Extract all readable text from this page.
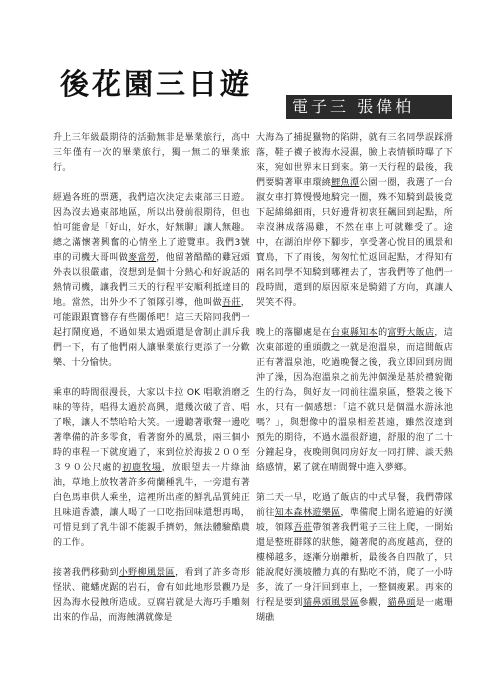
後花園三日遊
電子三 張偉柏

升上三年級最期待的活動無非是畢業旅行，高中三年僅有一次的畢業旅行，獨一無二的畢業旅行。

經過各班的票選，我們這次決定去東部三日遊。因為沒去過東部地區，所以出發前很期待，但也怕可能會是「好山，好水，好無聊」讓人無趣。總之滿懷著興奮的心情坐上了遊覽車。我們3號車的司機大哥叫做麥當勞，他留著酷酷的雞冠頭外表以很嚴肅，沒想到是個十分熱心和好說話的熱情司機，讓我們三天的行程平安順利抵達目的地。當然，出外少不了領隊引導，他叫做吾莊，可能跟跟寶簪存有些關係吧！這三天陪同我們一起打鬧度過，不過如果太過頭還是會制止訓斥我們一下，有了他們兩人讓畢業旅行更添了一分歡樂、十分愉快。

乘車的時間很漫長，大家以卡拉 OK 唱歌消磨乏味的等待，唱得太過於高興，還幾次破了音、唱了喉，讓人不禁哈哈大笑。一邊聽著歌聲一邊吃著準備的許多零食，看著窗外的風景，兩三個小時的車程一下就度過了，來到位於海拔２００至３９０公尺處的初鹿牧場，放眼望去一片綠油油，草地上放牧著許多荷蘭種乳牛，一旁還有著白色馬車供人乘坐，這裡所出產的鮮乳品質純正且味道香濃，讓人喝了一口吃指回味還想再喝，可惜見到了乳牛卻不能親手擠奶，無法體驗酷農的工作。

接著我們移動到小野柳風景區，看到了許多奇形怪狀、龍蟠虎踞的岩石，會有如此地形景觀乃是因為海水侵蝕所造成。豆腐岩就是大海巧手雕刻出來的作品，而海蝕溝就像是

大海為了捕捉獵物的陷阱，就有三名同學誤踩滑落，鞋子襪子被海水浸濕，臉上表情頓時曝了下來，宛如世界末日到來。第一天行程的最後，我們要騎著單車環繞鯉魚潭公園一圈，我選了一台淑女車打算慢慢地騎完一圈，殊不知騎到最後竟下起綿綿細雨，只好邊背初衷狂飆回到起點，所幸沒淋成落湯雞，不然在車上可就難受了。途中，在湖泊岸停下腳步，享受著心悅目的風景和寶鳥，下了雨後，匆匆忙忙返回起點，才得知有兩名同學不知騎到哪裡去了，害我們等了他們一段時間，還到的原因原來是騎錯了方向，真讓人哭笑不得。

晚上的落腳處是在台東縣知本的富野大飯店，這次東部遊的重頭戲之一就是泡溫泉，而這間飯店正有著溫泉池，吃過晚餐之後，我立即回到房間沖了澡，因為泡溫泉之前先沖個澡是基於禮貌衛生的行為，與好友一同前往溫泉區，整裝之後下水，只有一個感想：「這不就只是個溫水游泳池嗎？」，與想像中的溫泉相差甚遠，雖然沒達到預先的期待，不過水溫很舒適，舒服的泡了二十分鐘起身，夜晚則與同房好友一同打牌、談天熱絡感情，累了就在晴間聲中進入夢鄉。

第二天一早，吃過了飯店的中式早餐，我們帶隊前往知本森林遊樂區，準備爬上開名遊遍的好漢坡，領隊吾莊帶領著我們電子三往上爬，一開始還是整班群隊的狀態，隨著爬的高度越高，登的樓梯越多，逐漸分崩離析，最後各自四散了，只能說爬好漢坡體力真的有點吃不消，爬了一小時多，流了一身汗回到車上，一整個痠累。再來的行程是要到貓鼻頭風景區參觀，貓鼻頭是一處珊瑚礁
